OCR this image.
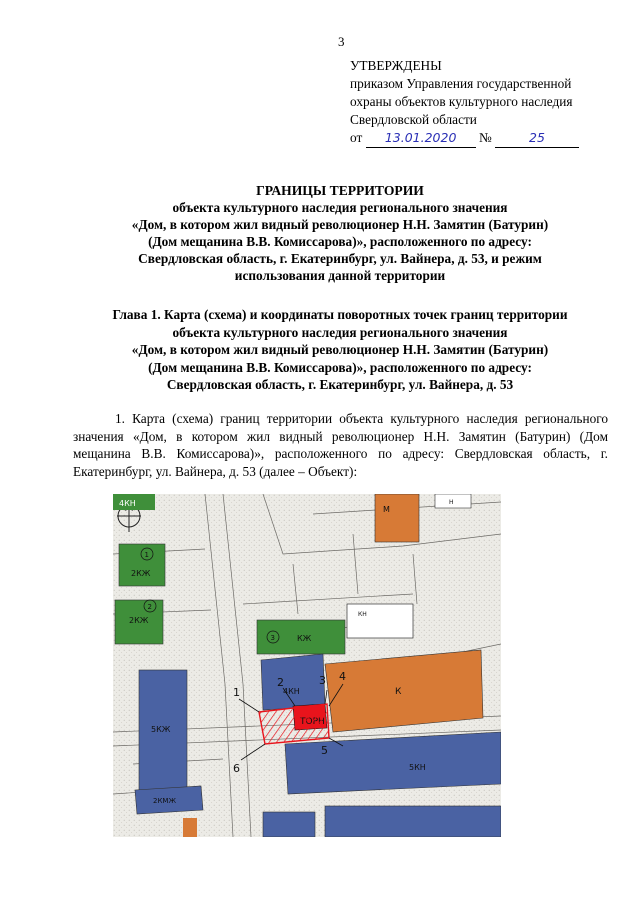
3
УТВЕРЖДЕНЫ
приказом Управления государственной
охраны объектов культурного наследия
Свердловской области
от 13.01.2020 №	25
ГРАНИЦЫ ТЕРРИТОРИИ
объекта культурного наследия регионального значения
«Дом, в котором жил видный революционер Н.Н. Замятин (Батурин)
(Дом мещанина В.В. Комиссарова)», расположенного по адресу:
Свердловская область, г. Екатеринбург, ул. Вайнера, д. 53, и режим
использования данной территории
Глава 1. Карта (схема) и координаты поворотных точек границ территории
объекта культурного наследия регионального значения
«Дом, в котором жил видный революционер Н.Н. Замятин (Батурин)
(Дом мещанина В.В. Комиссарова)», расположенного по адресу:
Свердловская область, г. Екатеринбург, ул. Вайнера, д. 53
1. Карта (схема) границ территории объекта культурного наследия регионального значения «Дом, в котором жил видный революционер Н.Н. Замятин (Батурин) (Дом мещанина В.В. Комиссарова)», расположенного по адресу: Свердловская область, г. Екатеринбург, ул. Вайнера, д. 53 (далее – Объект):
4КН
1
2КЖ
2
2КЖ
3	КЖ
КН
М
Н
5КЖ
4КН	К
5КН
2КМЖ
1
2	3 4
5
6
